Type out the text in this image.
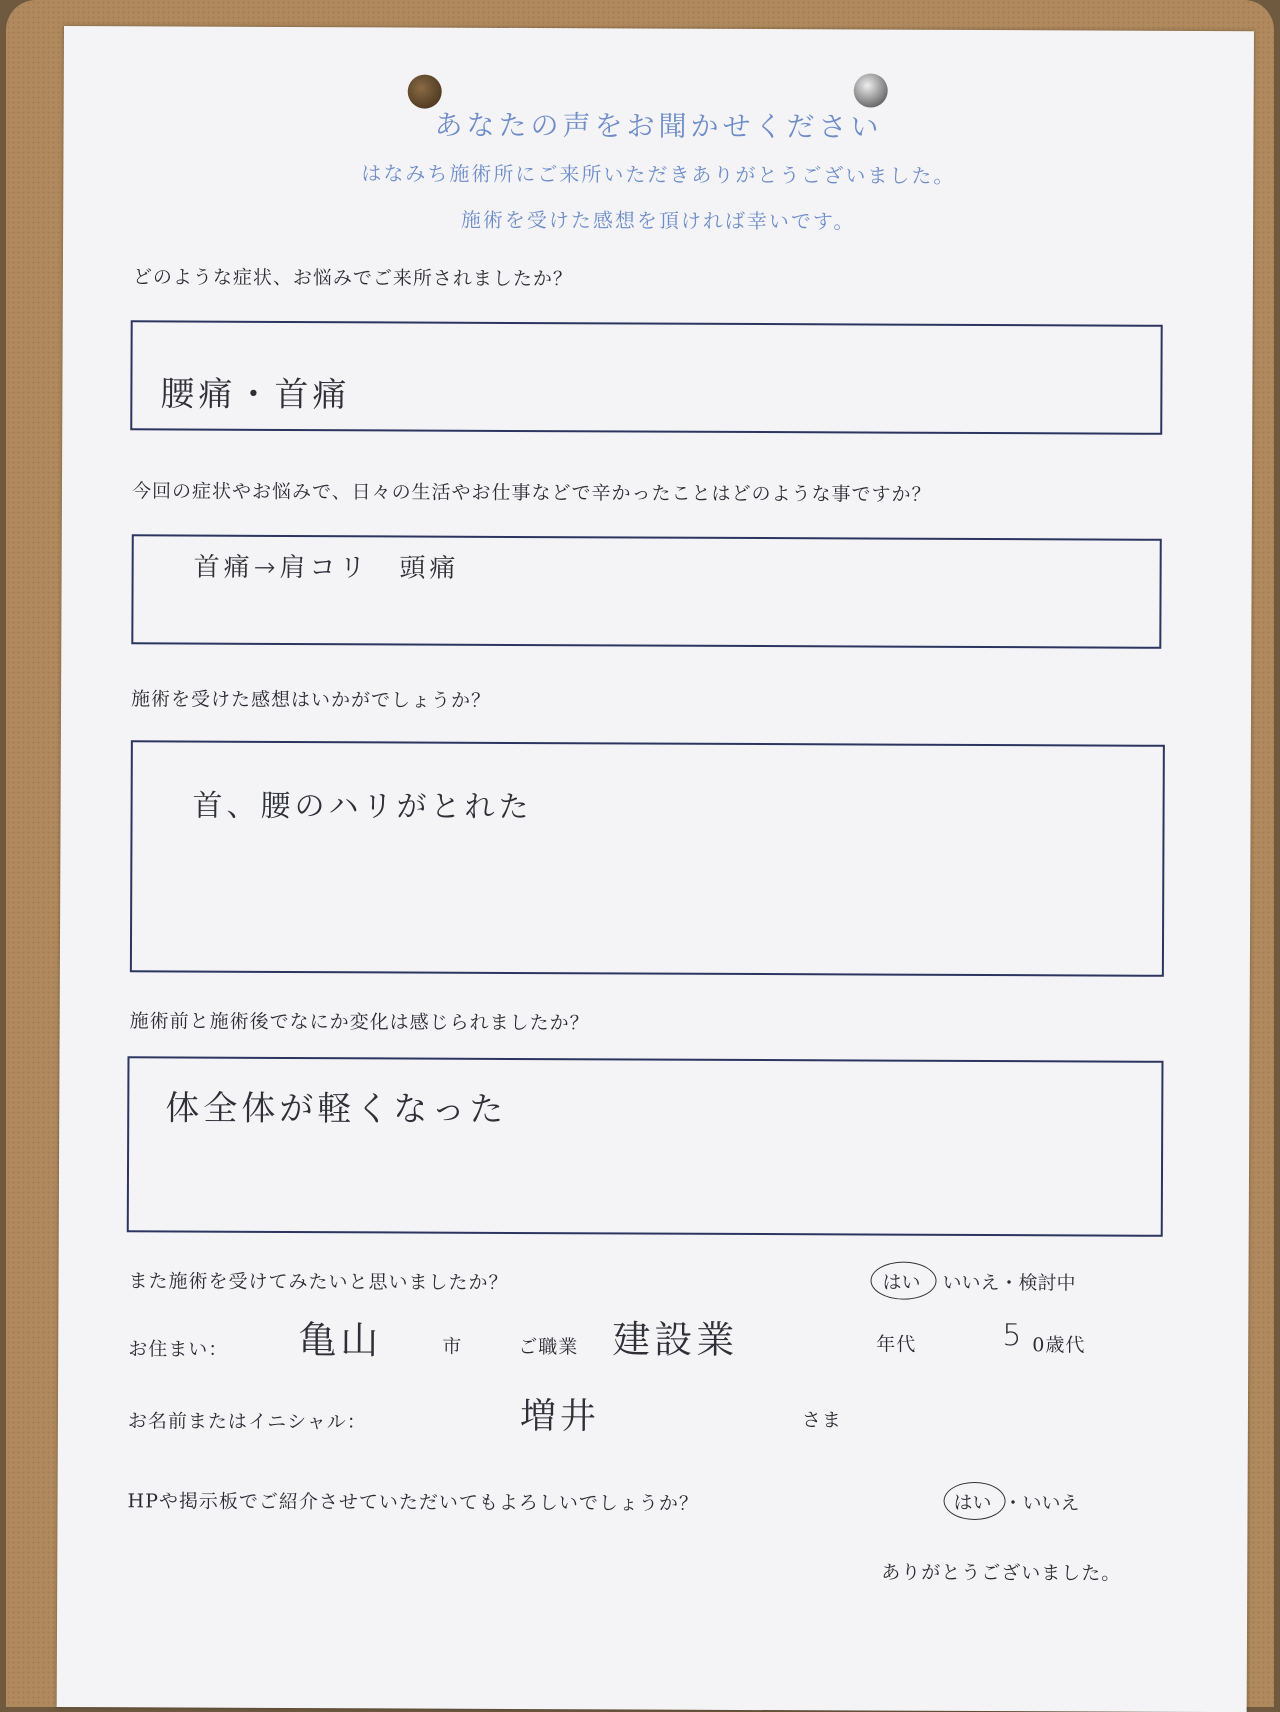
あなたの声をお聞かせください
はなみち施術所にご来所いただきありがとうございました。
施術を受けた感想を頂ければ幸いです。
どのような症状、お悩みでご来所されましたか？
腰痛・首痛
今回の症状やお悩みで、日々の生活やお仕事などで辛かったことはどのような事ですか？
首痛→肩コリ　頭痛
施術を受けた感想はいかがでしょうか？
首、腰のハリがとれた
施術前と施術後でなにか変化は感じられましたか？
体全体が軽くなった
また施術を受けてみたいと思いましたか？	はい いいえ・検討中
お住まい： 亀山	市	ご職業 建設業	年代	5 0歳代
お名前またはイニシャル：	増井	さま
HPや掲示板でご紹介させていただいてもよろしいでしょうか？	はい ・いいえ
ありがとうございました。
